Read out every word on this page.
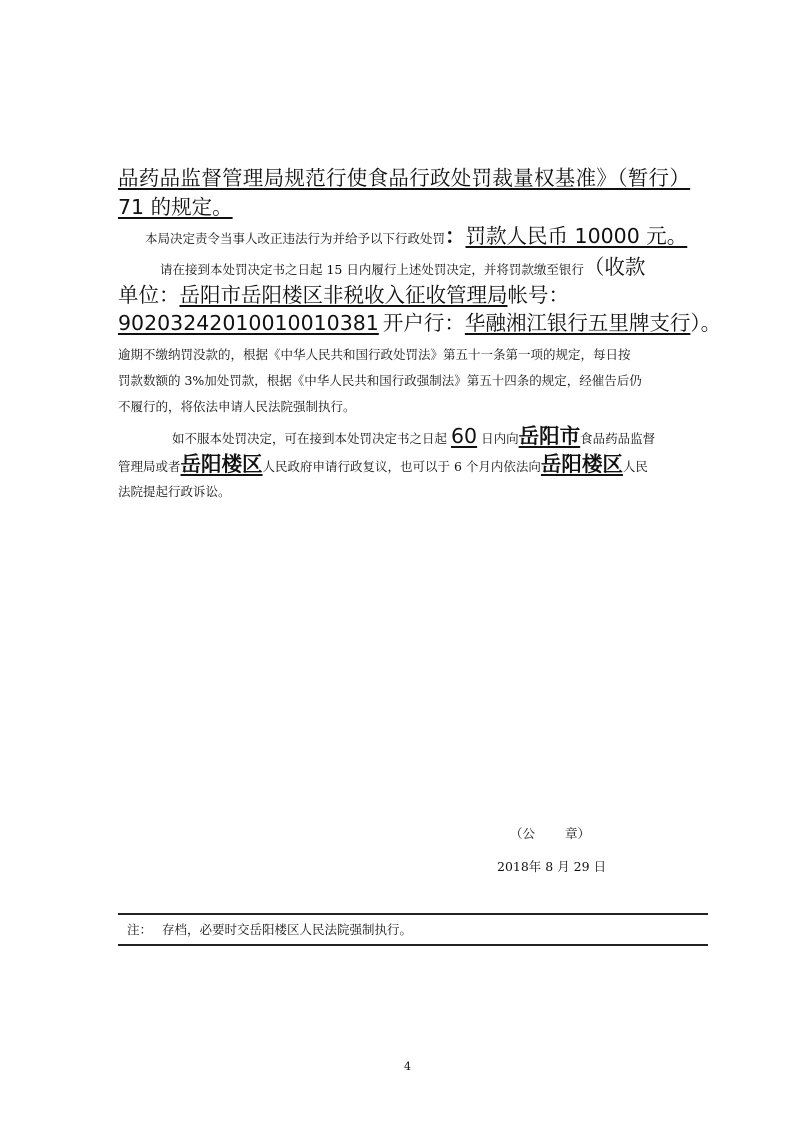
品药品监督管理局规范行使食品行政处罚裁量权基准》（暂行）
71 的规定。
本局决定责令当事人改正违法行为并给予以下行政处罚：罚款人民币 10000 元。
请在接到本处罚决定书之日起 15 日内履行上述处罚决定，并将罚款缴至银行（收款
单位：岳阳市岳阳楼区非税收入征收管理局帐号：
90203242010010010381 开户行：华融湘江银行五里牌支行）。
逾期不缴纳罚没款的，根据《中华人民共和国行政处罚法》第五十一条第一项的规定，每日按
罚款数额的 3%加处罚款，根据《中华人民共和国行政强制法》第五十四条的规定，经催告后仍
不履行的，将依法申请人民法院强制执行。
如不服本处罚决定，可在接到本处罚决定书之日起 60 日内向岳阳市食品药品监督
管理局或者岳阳楼区人民政府申请行政复议，也可以于 6 个月内依法向岳阳楼区人民
法院提起行政诉讼。
（公 章）
2018年 8 月 29 日
注： 存档，必要时交岳阳楼区人民法院强制执行。
4
